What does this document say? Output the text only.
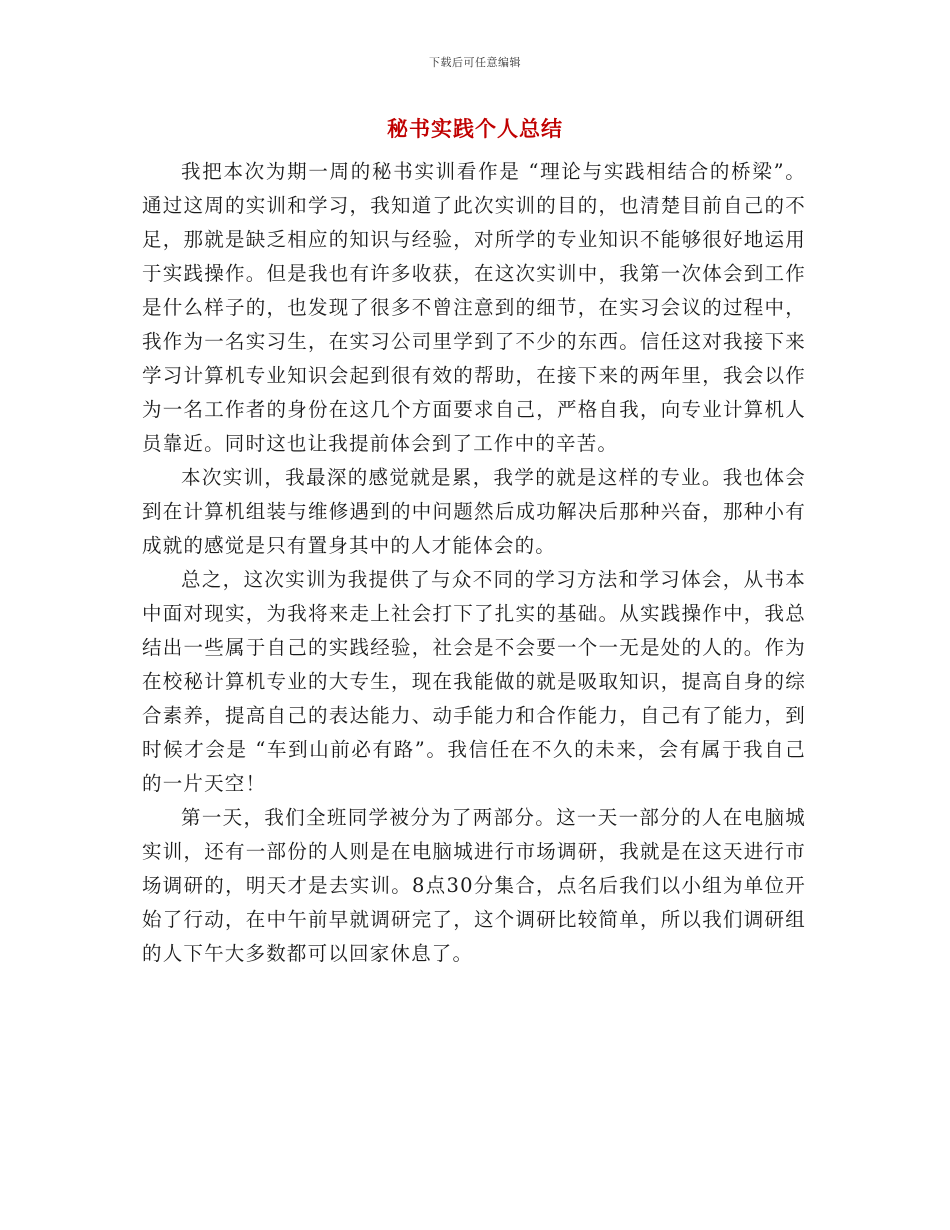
下载后可任意编辑
秘书实践个人总结

我把本次为期一周的秘书实训看作是 “理论与实践相结合的桥梁”。通过这周的实训和学习，我知道了此次实训的目的，也清楚目前自己的不足，那就是缺乏相应的知识与经验，对所学的专业知识不能够很好地运用于实践操作。但是我也有许多收获，在这次实训中，我第一次体会到工作是什么样子的，也发现了很多不曾注意到的细节，在实习会议的过程中，我作为一名实习生，在实习公司里学到了不少的东西。信任这对我接下来学习计算机专业知识会起到很有效的帮助，在接下来的两年里，我会以作为一名工作者的身份在这几个方面要求自己，严格自我，向专业计算机人员靠近。同时这也让我提前体会到了工作中的辛苦。

本次实训，我最深的感觉就是累，我学的就是这样的专业。我也体会到在计算机组装与维修遇到的中问题然后成功解决后那种兴奋，那种小有成就的感觉是只有置身其中的人才能体会的。

总之，这次实训为我提供了与众不同的学习方法和学习体会，从书本中面对现实，为我将来走上社会打下了扎实的基础。从实践操作中，我总结出一些属于自己的实践经验，社会是不会要一个一无是处的人的。作为在校秘计算机专业的大专生，现在我能做的就是吸取知识，提高自身的综合素养，提高自己的表达能力、动手能力和合作能力，自己有了能力，到时候才会是 “车到山前必有路”。我信任在不久的未来，会有属于我自己的一片天空！

第一天，我们全班同学被分为了两部分。这一天一部分的人在电脑城实训，还有一部份的人则是在电脑城进行市场调研，我就是在这天进行市场调研的，明天才是去实训。8点30分集合，点名后我们以小组为单位开始了行动，在中午前早就调研完了，这个调研比较简单，所以我们调研组的人下午大多数都可以回家休息了。
